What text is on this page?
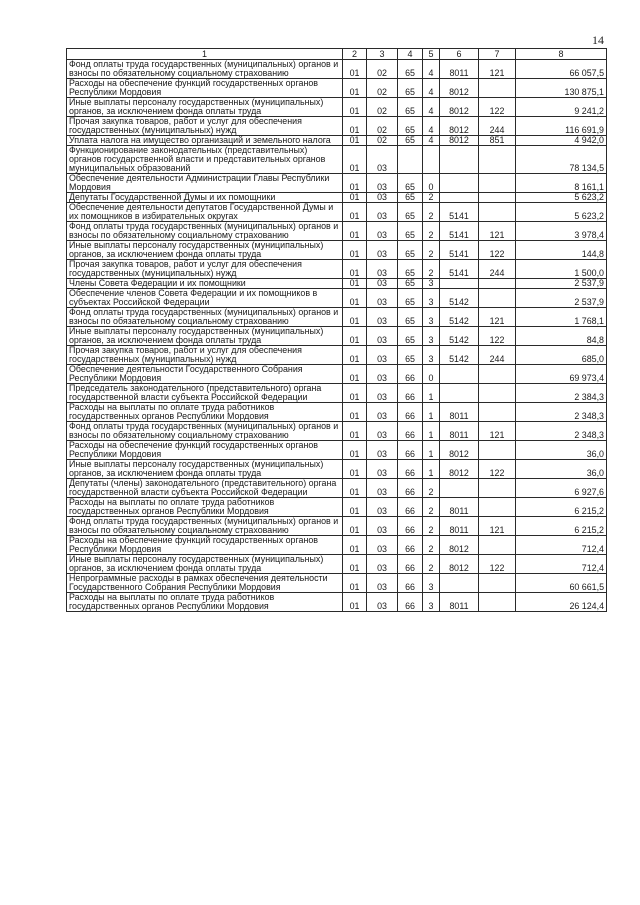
14
1	2	3	4	5	6	7	8
Фонд оплаты труда государственных (муниципальных) органов и взносы по обязательному социальному страхованию	01	02	65	4	8011	121	66 057,5
Расходы на обеспечение функций государственных органов Республики Мордовия	01	02	65	4	8012		130 875,1
Иные выплаты персоналу государственных (муниципальных) органов, за исключением фонда оплаты труда	01	02	65	4	8012	122	9 241,2
Прочая закупка товаров, работ и услуг для обеспечения государственных (муниципальных) нужд	01	02	65	4	8012	244	116 691,9
Уплата налога на имущество организаций и земельного налога	01	02	65	4	8012	851	4 942,0
Функционирование законодательных (представительных) органов государственной власти и представительных органов муниципальных образований	01	03					78 134,5
Обеспечение деятельности Администрации Главы Республики Мордовия	01	03	65	0			8 161,1
Депутаты Государственной Думы и их помощники	01	03	65	2			5 623,2
Обеспечение деятельности депутатов Государственной Думы и их помощников в избирательных округах	01	03	65	2	5141		5 623,2
Фонд оплаты труда государственных (муниципальных) органов и взносы по обязательному социальному страхованию	01	03	65	2	5141	121	3 978,4
Иные выплаты персоналу государственных (муниципальных) органов, за исключением фонда оплаты труда	01	03	65	2	5141	122	144,8
Прочая закупка товаров, работ и услуг для обеспечения государственных (муниципальных) нужд	01	03	65	2	5141	244	1 500,0
Члены Совета Федерации и их помощники	01	03	65	3			2 537,9
Обеспечение членов Совета Федерации и их помощников в субъектах Российской Федерации	01	03	65	3	5142		2 537,9
Фонд оплаты труда государственных (муниципальных) органов и взносы по обязательному социальному страхованию	01	03	65	3	5142	121	1 768,1
Иные выплаты персоналу государственных (муниципальных) органов, за исключением фонда оплаты труда	01	03	65	3	5142	122	84,8
Прочая закупка товаров, работ и услуг для обеспечения государственных (муниципальных) нужд	01	03	65	3	5142	244	685,0
Обеспечение деятельности Государственного Собрания Республики Мордовия	01	03	66	0			69 973,4
Председатель законодательного (представительного) органа государственной власти субъекта Российской Федерации	01	03	66	1			2 384,3
Расходы на выплаты по оплате труда работников государственных органов Республики Мордовия	01	03	66	1	8011		2 348,3
Фонд оплаты труда государственных (муниципальных) органов и взносы по обязательному социальному страхованию	01	03	66	1	8011	121	2 348,3
Расходы на обеспечение функций государственных органов Республики Мордовия	01	03	66	1	8012		36,0
Иные выплаты персоналу государственных (муниципальных) органов, за исключением фонда оплаты труда	01	03	66	1	8012	122	36,0
Депутаты (члены) законодательного (представительного) органа государственной власти субъекта Российской Федерации	01	03	66	2			6 927,6
Расходы на выплаты по оплате труда работников государственных органов Республики Мордовия	01	03	66	2	8011		6 215,2
Фонд оплаты труда государственных (муниципальных) органов и взносы по обязательному социальному страхованию	01	03	66	2	8011	121	6 215,2
Расходы на обеспечение функций государственных органов Республики Мордовия	01	03	66	2	8012		712,4
Иные выплаты персоналу государственных (муниципальных) органов, за исключением фонда оплаты труда	01	03	66	2	8012	122	712,4
Непрограммные расходы в рамках обеспечения деятельности Государственного Собрания Республики Мордовия	01	03	66	3			60 661,5
Расходы на выплаты по оплате труда работников государственных органов Республики Мордовия	01	03	66	3	8011		26 124,4
